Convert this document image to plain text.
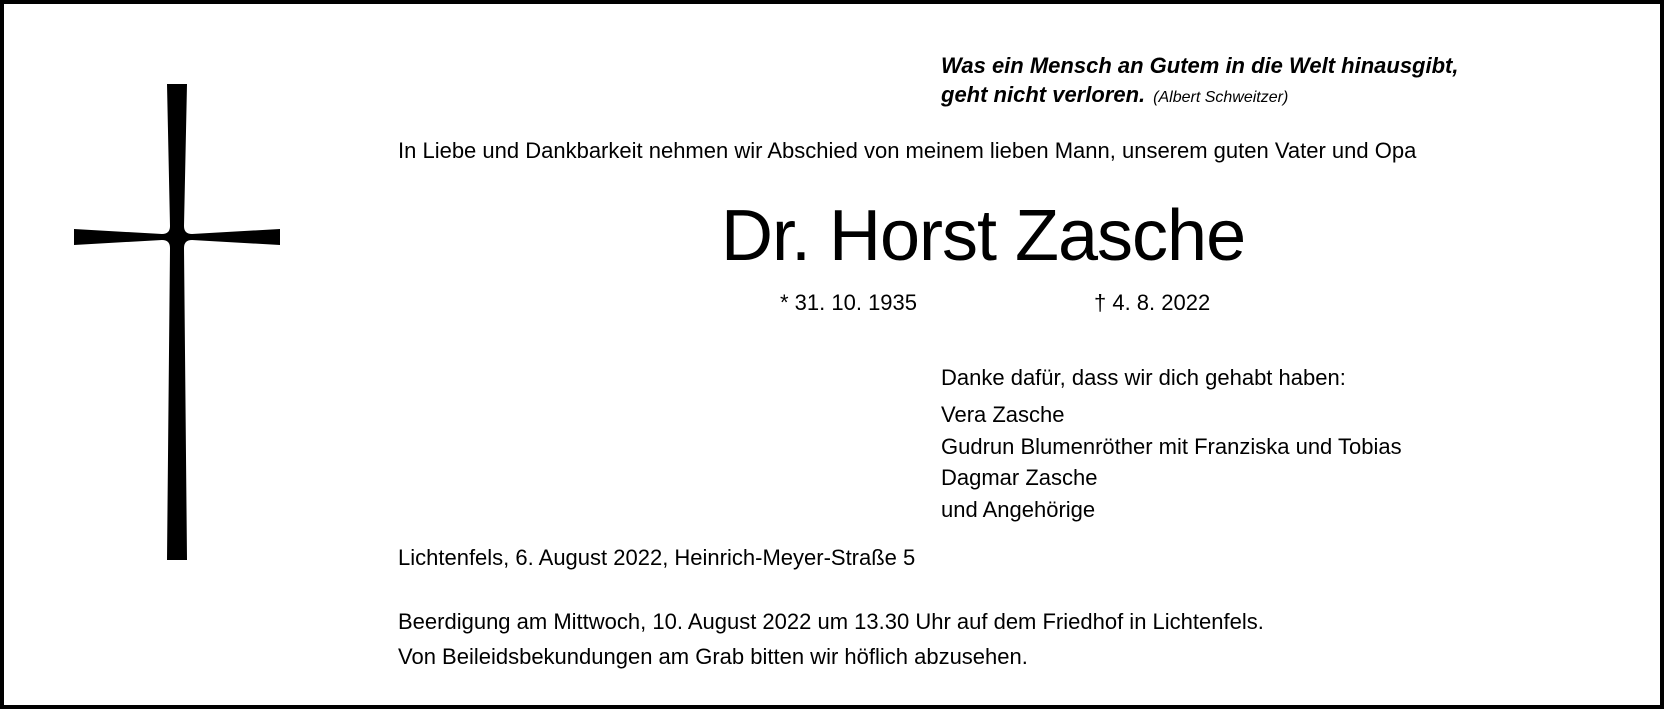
Was ein Mensch an Gutem in die Welt hinausgibt,
geht nicht verloren. (Albert Schweitzer)
In Liebe und Dankbarkeit nehmen wir Abschied von meinem lieben Mann, unserem guten Vater und Opa
Dr. Horst Zasche
* 31. 10. 1935	† 4. 8. 2022
Danke dafür, dass wir dich gehabt haben:
Vera Zasche
Gudrun Blumenröther mit Franziska und Tobias
Dagmar Zasche
und Angehörige
Lichtenfels, 6. August 2022, Heinrich-Meyer-Straße 5
Beerdigung am Mittwoch, 10. August 2022 um 13.30 Uhr auf dem Friedhof in Lichtenfels.
Von Beileidsbekundungen am Grab bitten wir höflich abzusehen.
